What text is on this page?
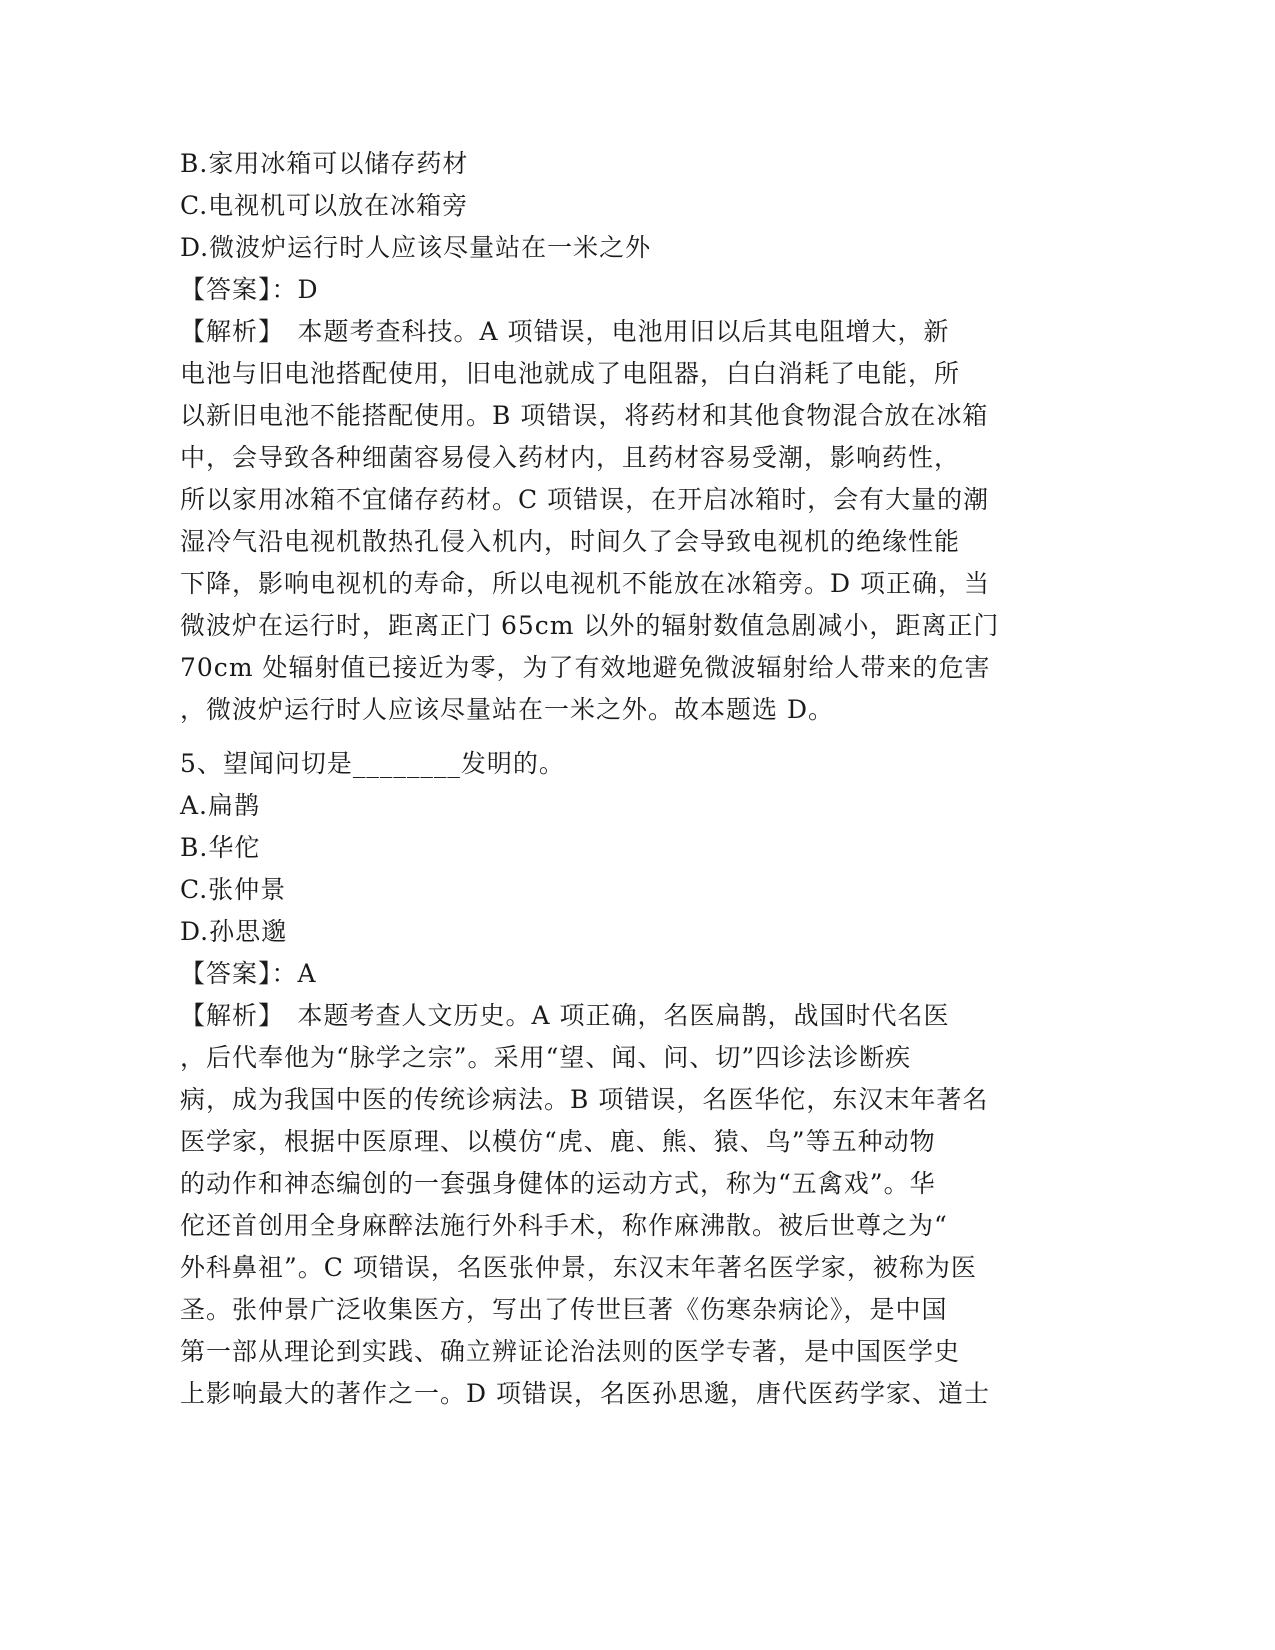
B.家用冰箱可以储存药材
C.电视机可以放在冰箱旁
D.微波炉运行时人应该尽量站在一米之外
【答案】：D
【解析】　本题考查科技。A 项错误，电池用旧以后其电阻增大，新
电池与旧电池搭配使用，旧电池就成了电阻器，白白消耗了电能，所
以新旧电池不能搭配使用。B 项错误，将药材和其他食物混合放在冰箱
中，会导致各种细菌容易侵入药材内，且药材容易受潮，影响药性，
所以家用冰箱不宜储存药材。C 项错误，在开启冰箱时，会有大量的潮
湿冷气沿电视机散热孔侵入机内，时间久了会导致电视机的绝缘性能
下降，影响电视机的寿命，所以电视机不能放在冰箱旁。D 项正确，当
微波炉在运行时，距离正门 65cm 以外的辐射数值急剧减小，距离正门
70cm 处辐射值已接近为零，为了有效地避免微波辐射给人带来的危害
，微波炉运行时人应该尽量站在一米之外。故本题选 D。
5、望闻问切是________发明的。
A.扁鹊
B.华佗
C.张仲景
D.孙思邈
【答案】：A
【解析】　本题考查人文历史。A 项正确，名医扁鹊，战国时代名医
，后代奉他为“脉学之宗”。采用“望、闻、问、切”四诊法诊断疾
病，成为我国中医的传统诊病法。B 项错误，名医华佗，东汉末年著名
医学家，根据中医原理、以模仿“虎、鹿、熊、猿、鸟”等五种动物
的动作和神态编创的一套强身健体的运动方式，称为“五禽戏”。华
佗还首创用全身麻醉法施行外科手术，称作麻沸散。被后世尊之为“
外科鼻祖”。C 项错误，名医张仲景，东汉末年著名医学家，被称为医
圣。张仲景广泛收集医方，写出了传世巨著《伤寒杂病论》，是中国
第一部从理论到实践、确立辨证论治法则的医学专著，是中国医学史
上影响最大的著作之一。D 项错误，名医孙思邈，唐代医药学家、道士
